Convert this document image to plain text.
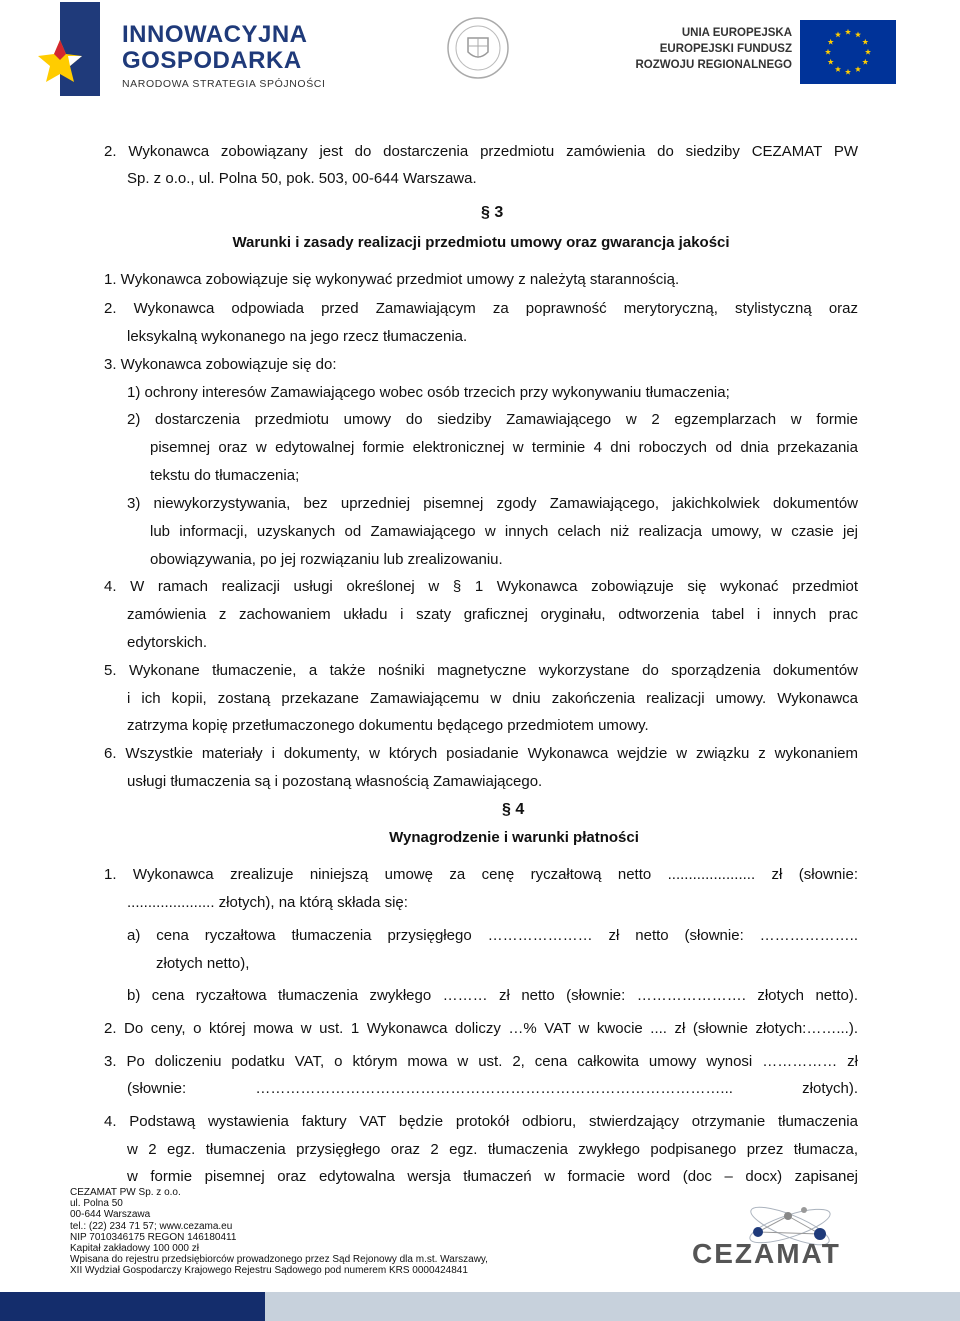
INNOWACYJNA
GOSPODARKA
NARODOWA STRATEGIA SPÓJNOŚCI
UNIA EUROPEJSKA
EUROPEJSKI FUNDUSZ
ROZWOJU REGIONALNEGO
2. Wykonawca zobowiązany jest do dostarczenia przedmiotu zamówienia do siedziby CEZAMAT PW
Sp. z o.o., ul. Polna 50, pok. 503, 00-644 Warszawa.
§ 3
Warunki i zasady realizacji przedmiotu umowy oraz gwarancja jakości
1. Wykonawca zobowiązuje się wykonywać przedmiot umowy z należytą starannością.
2. Wykonawca odpowiada przed Zamawiającym za poprawność merytoryczną, stylistyczną oraz
leksykalną wykonanego na jego rzecz tłumaczenia.
3. Wykonawca zobowiązuje się do:
1) ochrony interesów Zamawiającego wobec osób trzecich przy wykonywaniu tłumaczenia;
2) dostarczenia przedmiotu umowy do siedziby Zamawiającego w 2 egzemplarzach w formie
pisemnej oraz w edytowalnej formie elektronicznej w terminie 4 dni roboczych od dnia przekazania
tekstu do tłumaczenia;
3) niewykorzystywania, bez uprzedniej pisemnej zgody Zamawiającego, jakichkolwiek dokumentów
lub informacji, uzyskanych od Zamawiającego w innych celach niż realizacja umowy, w czasie jej
obowiązywania, po jej rozwiązaniu lub zrealizowaniu.
4. W ramach realizacji usługi określonej w § 1 Wykonawca zobowiązuje się wykonać przedmiot
zamówienia z zachowaniem układu i szaty graficznej oryginału, odtworzenia tabel i innych prac
edytorskich.
5. Wykonane tłumaczenie, a także nośniki magnetyczne wykorzystane do sporządzenia dokumentów
i ich kopii, zostaną przekazane Zamawiającemu w dniu zakończenia realizacji umowy. Wykonawca
zatrzyma kopię przetłumaczonego dokumentu będącego przedmiotem umowy.
6. Wszystkie materiały i dokumenty, w których posiadanie Wykonawca wejdzie w związku z wykonaniem
usługi tłumaczenia są i pozostaną własnością Zamawiającego.
§ 4
Wynagrodzenie i warunki płatności
1. Wykonawca zrealizuje niniejszą umowę za cenę ryczałtową netto ..................... zł (słownie:
..................... złotych), na którą składa się:
a) cena ryczałtowa tłumaczenia przysięgłego ………………… zł netto (słownie: ………………..
złotych netto),
b) cena ryczałtowa tłumaczenia zwykłego ……… zł netto (słownie: …………………. złotych netto).
2. Do ceny, o której mowa w ust. 1 Wykonawca doliczy …% VAT w kwocie .... zł (słownie złotych:……...).
3. Po doliczeniu podatku VAT, o którym mowa w ust. 2, cena całkowita umowy wynosi …………… zł
(słownie: …………………………………………………………………………………... złotych).
4. Podstawą wystawienia faktury VAT będzie protokół odbioru, stwierdzający otrzymanie tłumaczenia
w 2 egz. tłumaczenia przysięgłego oraz 2 egz. tłumaczenia zwykłego podpisanego przez tłumacza,
w formie pisemnej oraz edytowalna wersja tłumaczeń w formacie word (doc – docx) zapisanej
CEZAMAT PW Sp. z o.o.
ul. Polna 50
00-644 Warszawa
tel.: (22) 234 71 57; www.cezama.eu
NIP 7010346175 REGON 146180411
Kapitał zakładowy 100 000 zł
Wpisana do rejestru przedsiębiorców prowadzonego przez Sąd Rejonowy dla m.st. Warszawy,
XII Wydział Gospodarczy Krajowego Rejestru Sądowego pod numerem KRS 0000424841
CEZAMAT
